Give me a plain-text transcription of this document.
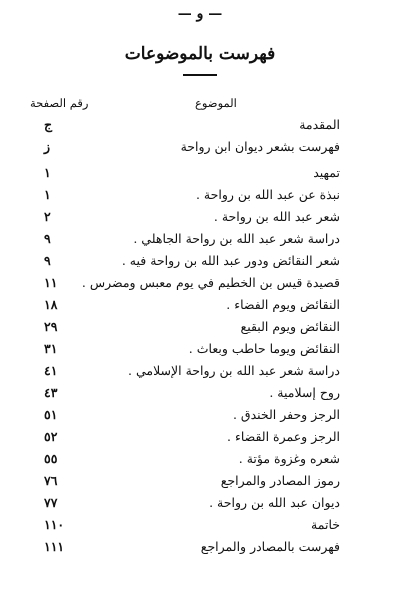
— و —
فهرست بالموضوعات
الموضوع
رقم الصفحة
المقدمة
ج
فهرست بشعر ديوان ابن رواحة
ز
تمهيد
١
نبذة عن عبد الله بن رواحة .
١
شعر عبد الله بن رواحة .
٢
دراسة شعر عبد الله بن رواحة الجاهلي .
٩
شعر النقائض ودور عبد الله بن رواحة فيه .
٩
قصيدة قيس بن الخطيم في يوم معبس ومضرس .
١١
النقائض ويوم الفضاء .
١٨
النقائض ويوم البقيع
٢٩
النقائض ويوما حاطب وبعاث .
٣١
دراسة شعر عبد الله بن رواحة الإسلامي .
٤١
روح إسلامية .
٤٣
الرجز وحفر الخندق .
٥١
الرجز وعمرة القضاء .
٥٢
شعره وغزوة مؤتة .
٥٥
رموز المصادر والمراجع
٧٦
ديوان عبد الله بن رواحة .
٧٧
خاتمة
١١٠
فهرست بالمصادر والمراجع
١١١
